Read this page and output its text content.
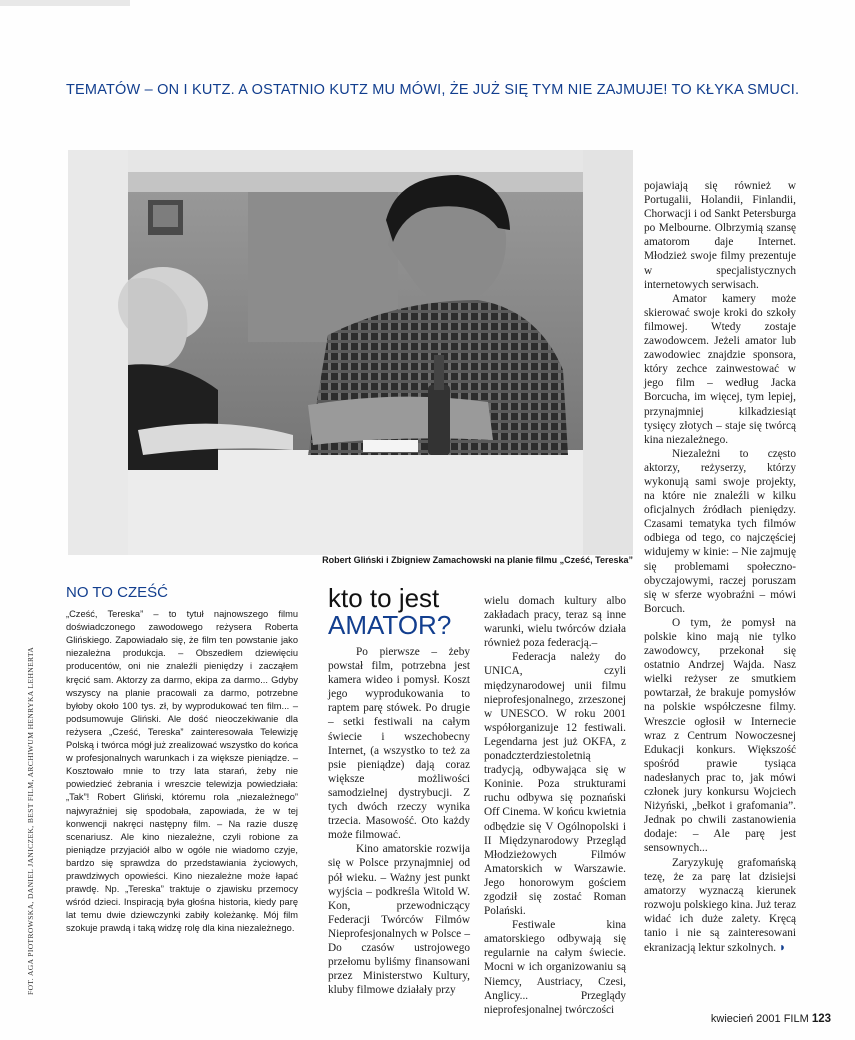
TEMATÓW – ON I KUTZ. A OSTATNIO KUTZ MU MÓWI, ŻE JUŻ SIĘ TYM NIE ZAJMUJE! TO KŁYKA SMUCI.

Robert Gliński i Zbigniew Zamachowski na planie filmu „Cześć, Tereska”

FOT. AGA PIOTROWSKA, DANIEL JANICZEK, BEST FILM, ARCHIWUM HENRYKA LEHNERTA

NO TO CZEŚĆ

„Cześć, Tereska” – to tytuł najnowszego filmu doświadczonego zawodowego reżysera Roberta Glińskiego. Zapowiadało się, że film ten powstanie jako niezależna produkcja. – Obszedłem dziewięciu producentów, oni nie znaleźli pieniędzy i zacząłem kręcić sam. Aktorzy za darmo, ekipa za darmo... Gdyby wszyscy na planie pracowali za darmo, potrzebne byłoby około 100 tys. zł, by wyprodukować ten film... – podsumowuje Gliński. Ale dość nieoczekiwanie dla reżysera „Cześć, Tereska” zainteresowała Telewizję Polską i twórca mógł już zrealizować wszystko do końca w profesjonalnych warunkach i za większe pieniądze. – Kosztowało mnie to trzy lata starań, żeby nie powiedzieć żebrania i wreszcie telewizja powiedziała: „Tak”! Robert Gliński, któremu rola „niezależnego” najwyraźniej się spodobała, zapowiada, że w tej konwencji nakręci następny film. – Na razie duszę scenariusz. Ale kino niezależne, czyli robione za pieniądze przyjaciół albo w ogóle nie wiadomo czyje, bardzo się sprawdza do przedstawiania życiowych, prawdziwych opowieści. Kino niezależne może łapać prawdę. Np. „Tereska” traktuje o zjawisku przemocy wśród dzieci. Inspiracją była głośna historia, kiedy parę lat temu dwie dziewczynki zabiły koleżankę. Mój film szokuje prawdą i taką widzę rolę dla kina niezależnego.

kto to jest
AMATOR?

Po pierwsze – żeby powstał film, potrzebna jest kamera wideo i pomysł. Koszt jego wyprodukowania to raptem parę stówek. Po drugie – setki festiwali na całym świecie i wszechobecny Internet, (a wszystko to też za psie pieniądze) dają coraz większe możliwości samodzielnej dystrybucji. Z tych dwóch rzeczy wynika trzecia. Masowość. Oto każdy może filmować.

Kino amatorskie rozwija się w Polsce przynajmniej od pół wieku. – Ważny jest punkt wyjścia – podkreśla Witold W. Kon, przewodniczący Federacji Twórców Filmów Nieprofesjonalnych w Polsce – Do czasów ustrojowego przełomu byliśmy finansowani przez Ministerstwo Kultury, kluby filmowe działały przy

wielu domach kultury albo zakładach pracy, teraz są inne warunki, wielu twórców działa również poza federacją.–

Federacja należy do UNICA, czyli międzynarodowej unii filmu nieprofesjonalnego, zrzeszonej w UNESCO. W roku 2001 współorganizuje 12 festiwali. Legendarna jest już OKFA, z ponadczterdziestoletnią tradycją, odbywająca się w Koninie. Poza strukturami ruchu odbywa się poznański Off Cinema. W końcu kwietnia odbędzie się V Ogólnopolski i II Międzynarodowy Przegląd Młodzieżowych Filmów Amatorskich w Warszawie. Jego honorowym gościem zgodził się zostać Roman Polański.

Festiwale kina amatorskiego odbywają się regularnie na całym świecie. Mocni w ich organizowaniu są Niemcy, Austriacy, Czesi, Anglicy... Przeglądy nieprofesjonalnej twórczości

pojawiają się również w Portugalii, Holandii, Finlandii, Chorwacji i od Sankt Petersburga po Melbourne. Olbrzymią szansę amatorom daje Internet. Młodzież swoje filmy prezentuje w specjalistycznych internetowych serwisach.

Amator kamery może skierować swoje kroki do szkoły filmowej. Wtedy zostaje zawodowcem. Jeżeli amator lub zawodowiec znajdzie sponsora, który zechce zainwestować w jego film – według Jacka Borcucha, im więcej, tym lepiej, przynajmniej kilkadziesiąt tysięcy złotych – staje się twórcą kina niezależnego.

Niezależni to często aktorzy, reżyserzy, którzy wykonują sami swoje projekty, na które nie znaleźli w kilku oficjalnych źródłach pieniędzy. Czasami tematyka tych filmów odbiega od tego, co najczęściej widujemy w kinie: – Nie zajmuję się problemami społeczno-obyczajowymi, raczej poruszam się w sferze wyobraźni – mówi Borcuch.

O tym, że pomysł na polskie kino mają nie tylko zawodowcy, przekonał się ostatnio Andrzej Wajda. Nasz wielki reżyser ze smutkiem powtarzał, że brakuje pomysłów na polskie współczesne filmy. Wreszcie ogłosił w Internecie wraz z Centrum Nowoczesnej Edukacji konkurs. Większość spośród prawie tysiąca nadesłanych prac to, jak mówi członek jury konkursu Wojciech Niżyński, „bełkot i grafomania”. Jednak po chwili zastanowienia dodaje: – Ale parę jest sensownych...

Zaryzykuję grafomańską tezę, że za parę lat dzisiejsi amatorzy wyznaczą kierunek rozwoju polskiego kina. Już teraz widać ich duże zalety. Kręcą tanio i nie są zainteresowani ekranizacją lektur szkolnych. ◗

kwiecień 2001 FILM 123
